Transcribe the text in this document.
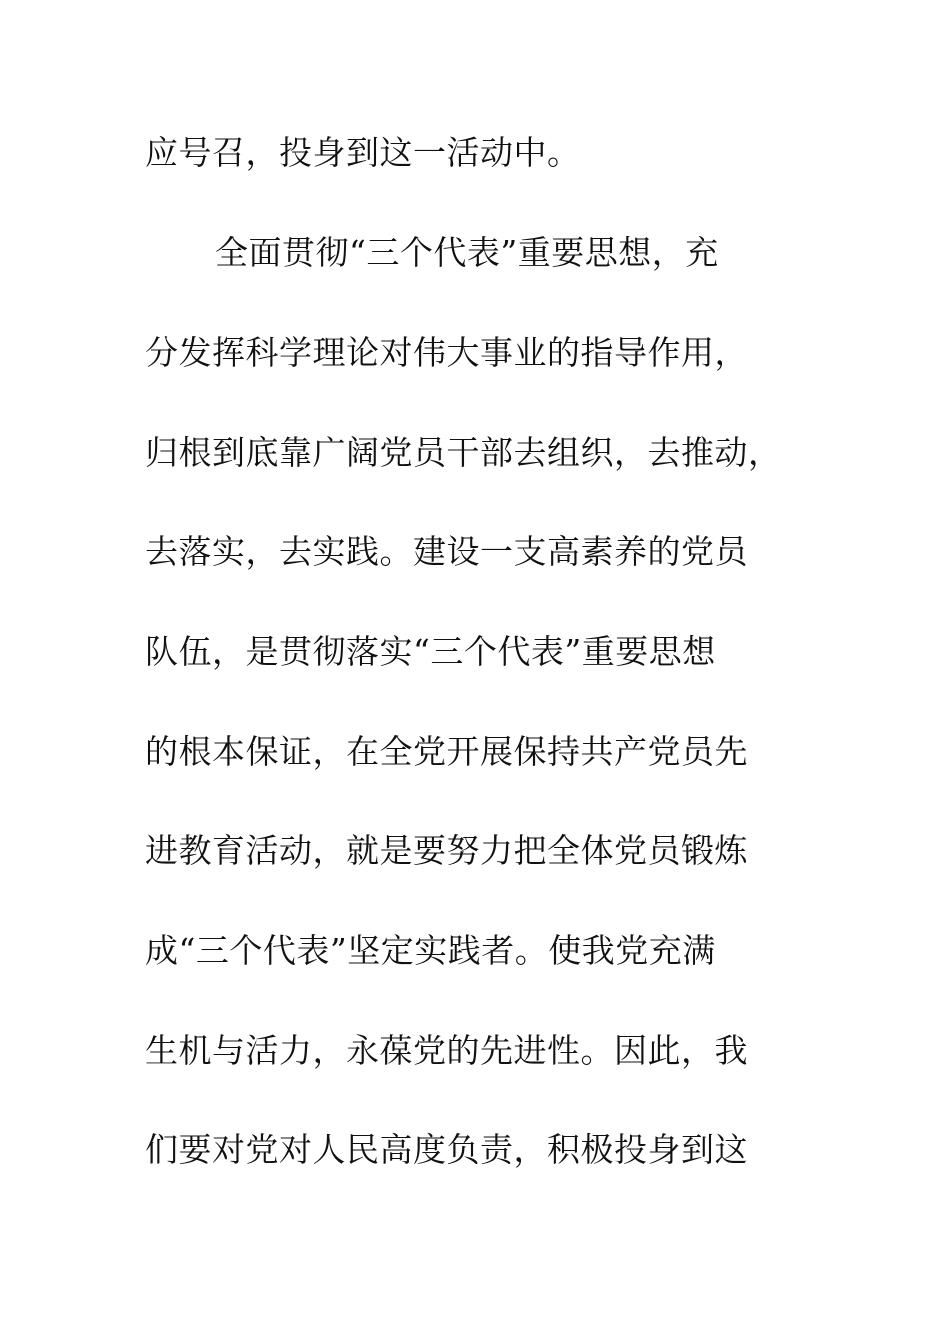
应号召，投身到这一活动中。
全面贯彻“三个代表”重要思想，充
分发挥科学理论对伟大事业的指导作用，
归根到底靠广阔党员干部去组织，去推动，
去落实，去实践。建设一支高素养的党员
队伍，是贯彻落实“三个代表”重要思想
的根本保证，在全党开展保持共产党员先
进教育活动，就是要努力把全体党员锻炼
成“三个代表”坚定实践者。使我党充满
生机与活力，永葆党的先进性。因此，我
们要对党对人民高度负责，积极投身到这
